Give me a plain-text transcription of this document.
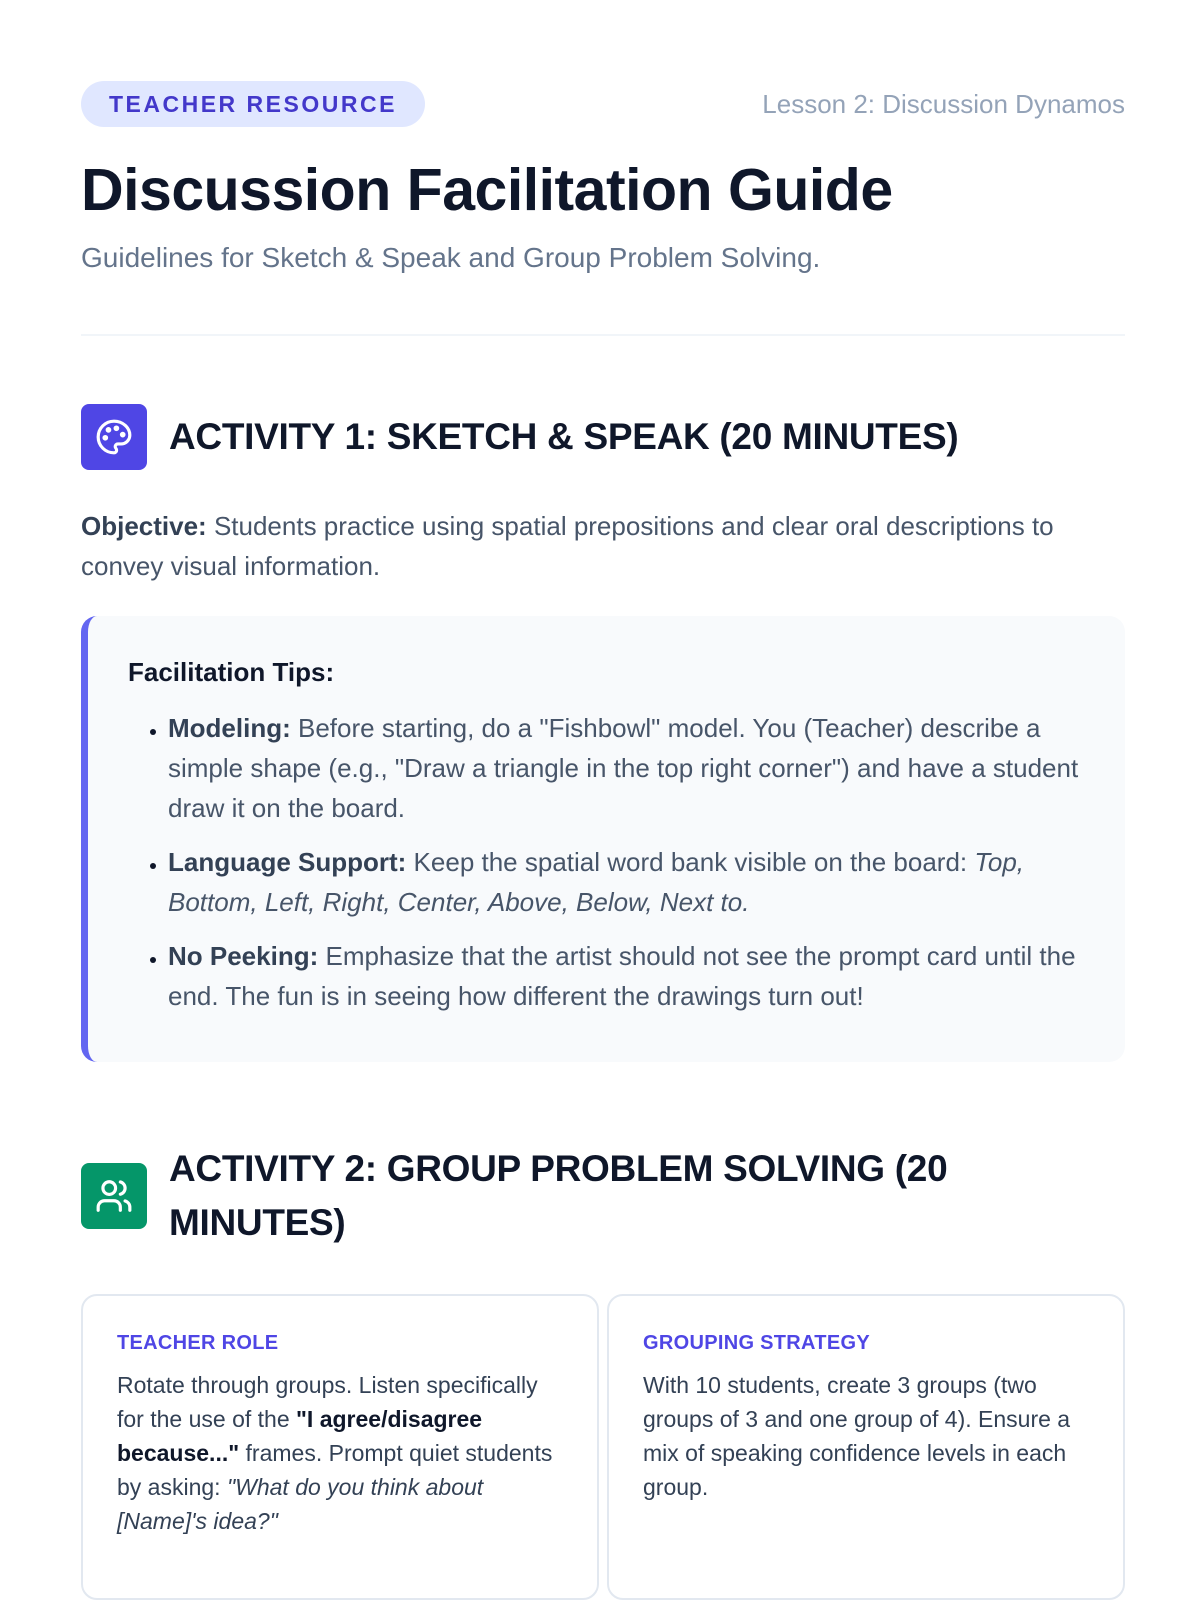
TEACHER RESOURCE	Lesson 2: Discussion Dynamos
Discussion Facilitation Guide

Guidelines for Sketch & Speak and Group Problem Solving.

ACTIVITY 1: SKETCH & SPEAK (20 MINUTES)

Objective: Students practice using spatial prepositions and clear oral descriptions to convey visual information.

Facilitation Tips:
• Modeling: Before starting, do a "Fishbowl" model. You (Teacher) describe a simple shape (e.g., "Draw a triangle in the top right corner") and have a student draw it on the board.
• Language Support: Keep the spatial word bank visible on the board: Top, Bottom, Left, Right, Center, Above, Below, Next to.
• No Peeking: Emphasize that the artist should not see the prompt card until the end. The fun is in seeing how different the drawings turn out!
ACTIVITY 2: GROUP PROBLEM SOLVING (20 MINUTES)
TEACHER ROLE
Rotate through groups. Listen specifically for the use of the "I agree/disagree because..." frames. Prompt quiet students by asking: "What do you think about [Name]'s idea?"
GROUPING STRATEGY
With 10 students, create 3 groups (two groups of 3 and one group of 4). Ensure a mix of speaking confidence levels in each group.
